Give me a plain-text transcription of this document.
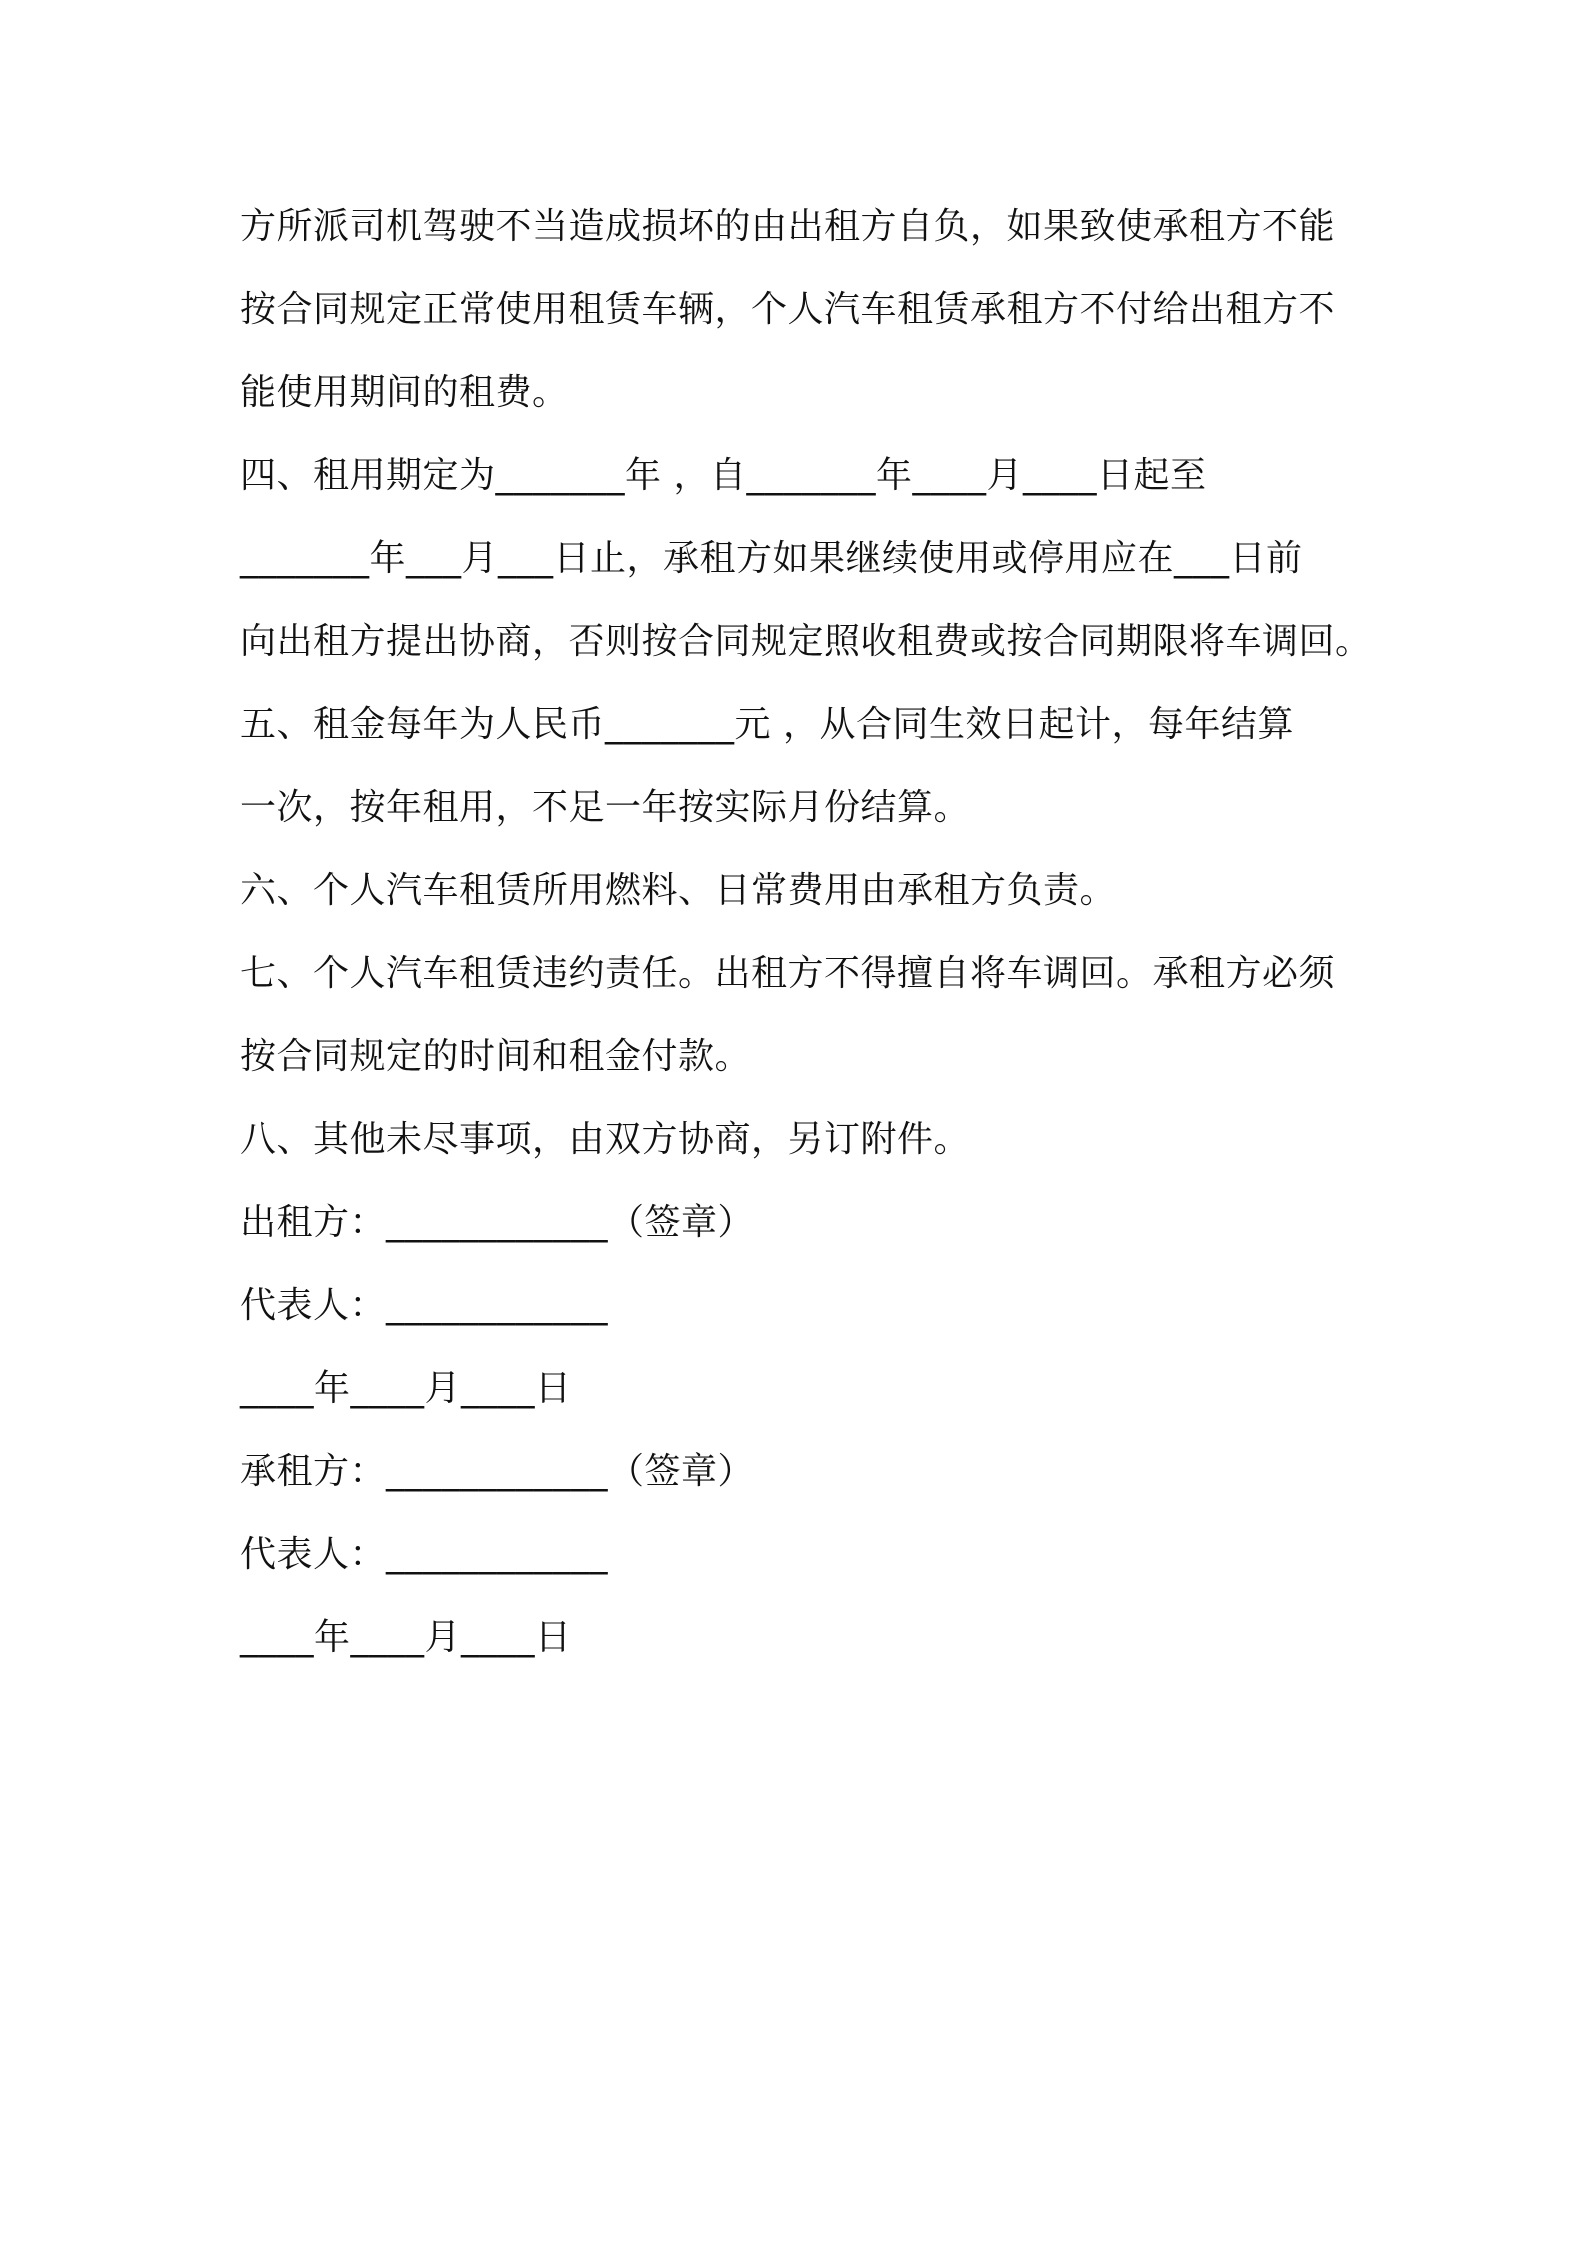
方所派司机驾驶不当造成损坏的由出租方自负，如果致使承租方不能
按合同规定正常使用租赁车辆，个人汽车租赁承租方不付给出租方不
能使用期间的租费。
四、租用期定为_______年 ，自_______年____月____日起至
_______年___月___日止，承租方如果继续使用或停用应在___日前
向出租方提出协商，否则按合同规定照收租费或按合同期限将车调回。
五、租金每年为人民币_______元 ，从合同生效日起计，每年结算
一次，按年租用，不足一年按实际月份结算。
六、个人汽车租赁所用燃料、日常费用由承租方负责。
七、个人汽车租赁违约责任。出租方不得擅自将车调回。承租方必须
按合同规定的时间和租金付款。
八、其他未尽事项，由双方协商，另订附件。
出租方：____________（签章）
代表人：____________
____年____月____日
承租方：____________（签章）
代表人：____________
____年____月____日
